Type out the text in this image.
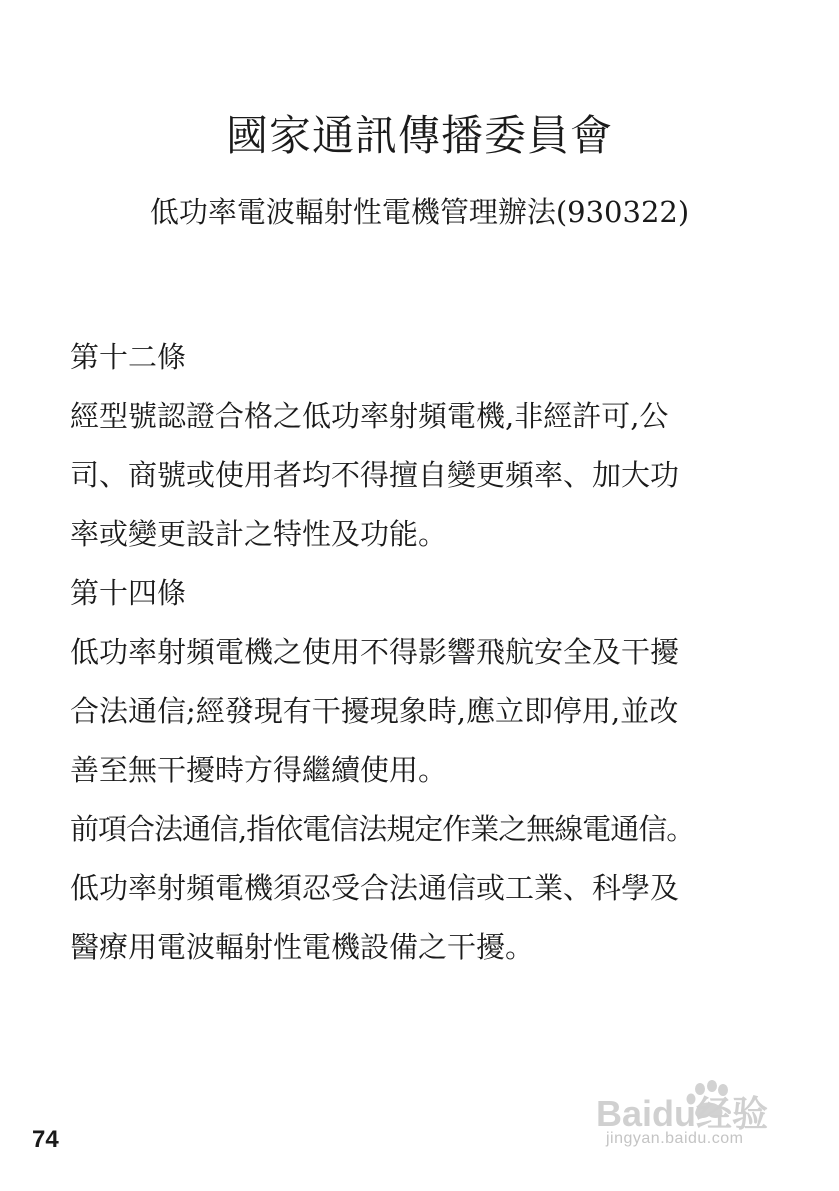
國家通訊傳播委員會
低功率電波輻射性電機管理辦法(930322)
第十二條
經型號認證合格之低功率射頻電機,非經許可,公
司、商號或使用者均不得擅自變更頻率、加大功
率或變更設計之特性及功能。
第十四條
低功率射頻電機之使用不得影響飛航安全及干擾
合法通信;經發現有干擾現象時,應立即停用,並改
善至無干擾時方得繼續使用。
前項合法通信,指依電信法規定作業之無線電通信。
低功率射頻電機須忍受合法通信或工業、科學及
醫療用電波輻射性電機設備之干擾。
74
Baidu经验
jingyan.baidu.com
